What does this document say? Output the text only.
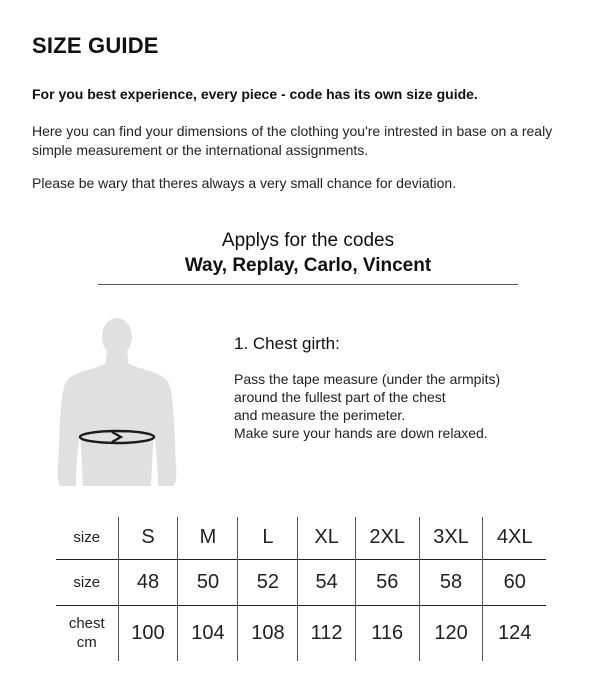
SIZE GUIDE
For you best experience, every piece - code has its own size guide.
Here you can find your dimensions of the clothing you're intrested in base on a realy simple measurement or the international assignments.
Please be wary that theres always a very small chance for deviation.
Applys for the codes
Way, Replay, Carlo, Vincent
1. Chest girth:
Pass the tape measure (under the armpits)
around the fullest part of the chest
and measure the perimeter.
Make sure your hands are down relaxed.
size	S	M	L	XL	2XL	3XL	4XL
size	48	50	52	54	56	58	60

chest
cm	100	104	108	112	116	120	124
